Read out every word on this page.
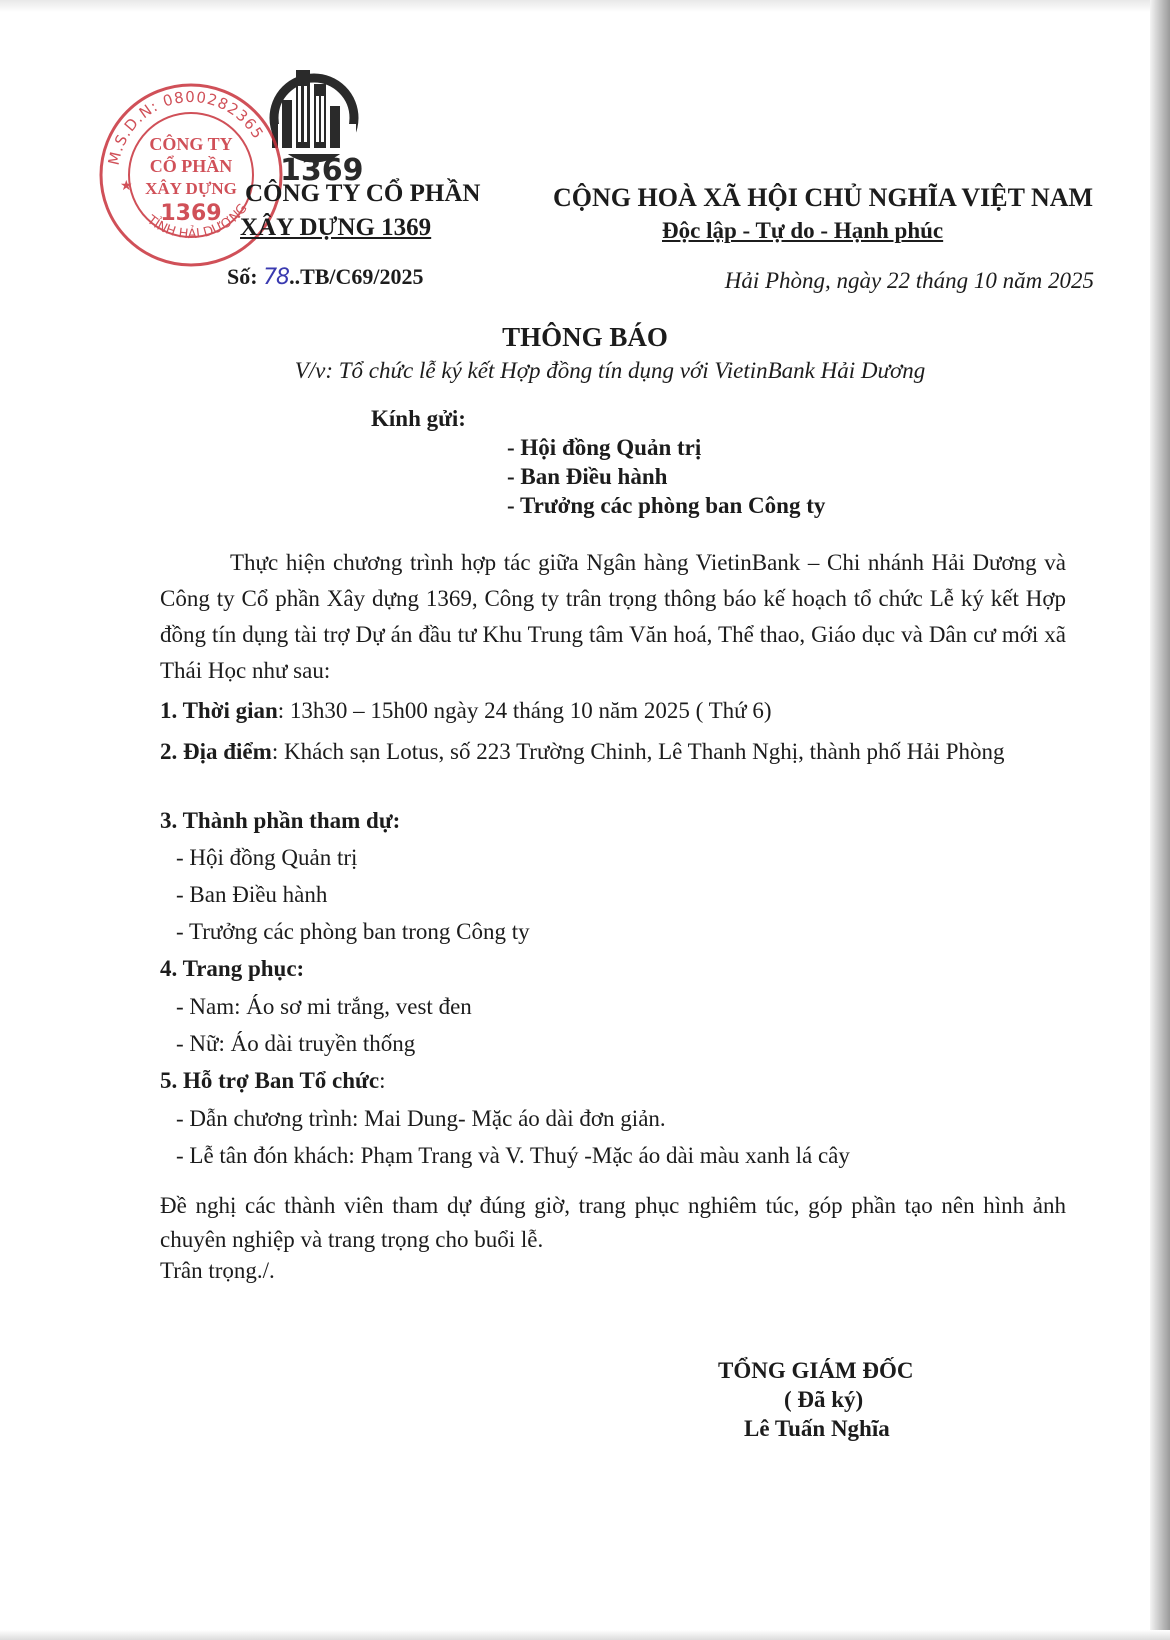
1369
M.S.D.N: 0800282365
TỈNH HẢI DƯƠNG
★
CÔNG TY
CỔ PHẦN
XÂY DỰNG
1369
CÔNG TY CỔ PHẦN
XÂY DỰNG 1369
Số: 78..TB/C69/2025
CỘNG HOÀ XÃ HỘI CHỦ NGHĨA VIỆT NAM
Độc lập - Tự do - Hạnh phúc
Hải Phòng, ngày 22 tháng 10 năm 2025
THÔNG BÁO
V/v: Tổ chức lễ ký kết Hợp đồng tín dụng với VietinBank Hải Dương
Kính gửi:
- Hội đồng Quản trị
- Ban Điều hành
- Trưởng các phòng ban Công ty
Thực hiện chương trình hợp tác giữa Ngân hàng VietinBank – Chi nhánh Hải Dương và Công ty Cổ phần Xây dựng 1369, Công ty trân trọng thông báo kế hoạch tổ chức Lễ ký kết Hợp đồng tín dụng tài trợ Dự án đầu tư Khu Trung tâm Văn hoá, Thể thao, Giáo dục và Dân cư mới xã Thái Học như sau:
1. Thời gian: 13h30 – 15h00 ngày 24 tháng 10 năm 2025 ( Thứ 6)
2. Địa điểm: Khách sạn Lotus, số 223 Trường Chinh, Lê Thanh Nghị, thành phố Hải Phòng
3. Thành phần tham dự:
- Hội đồng Quản trị
- Ban Điều hành
- Trưởng các phòng ban trong Công ty
4. Trang phục:
- Nam: Áo sơ mi trắng, vest đen
- Nữ: Áo dài truyền thống
5. Hỗ trợ Ban Tổ chức:
- Dẫn chương trình: Mai Dung- Mặc áo dài đơn giản.
- Lễ tân đón khách: Phạm Trang và V. Thuý -Mặc áo dài màu xanh lá cây
Đề nghị các thành viên tham dự đúng giờ, trang phục nghiêm túc, góp phần tạo nên hình ảnh chuyên nghiệp và trang trọng cho buổi lễ.
Trân trọng./.
TỔNG GIÁM ĐỐC
( Đã ký)
Lê Tuấn Nghĩa
